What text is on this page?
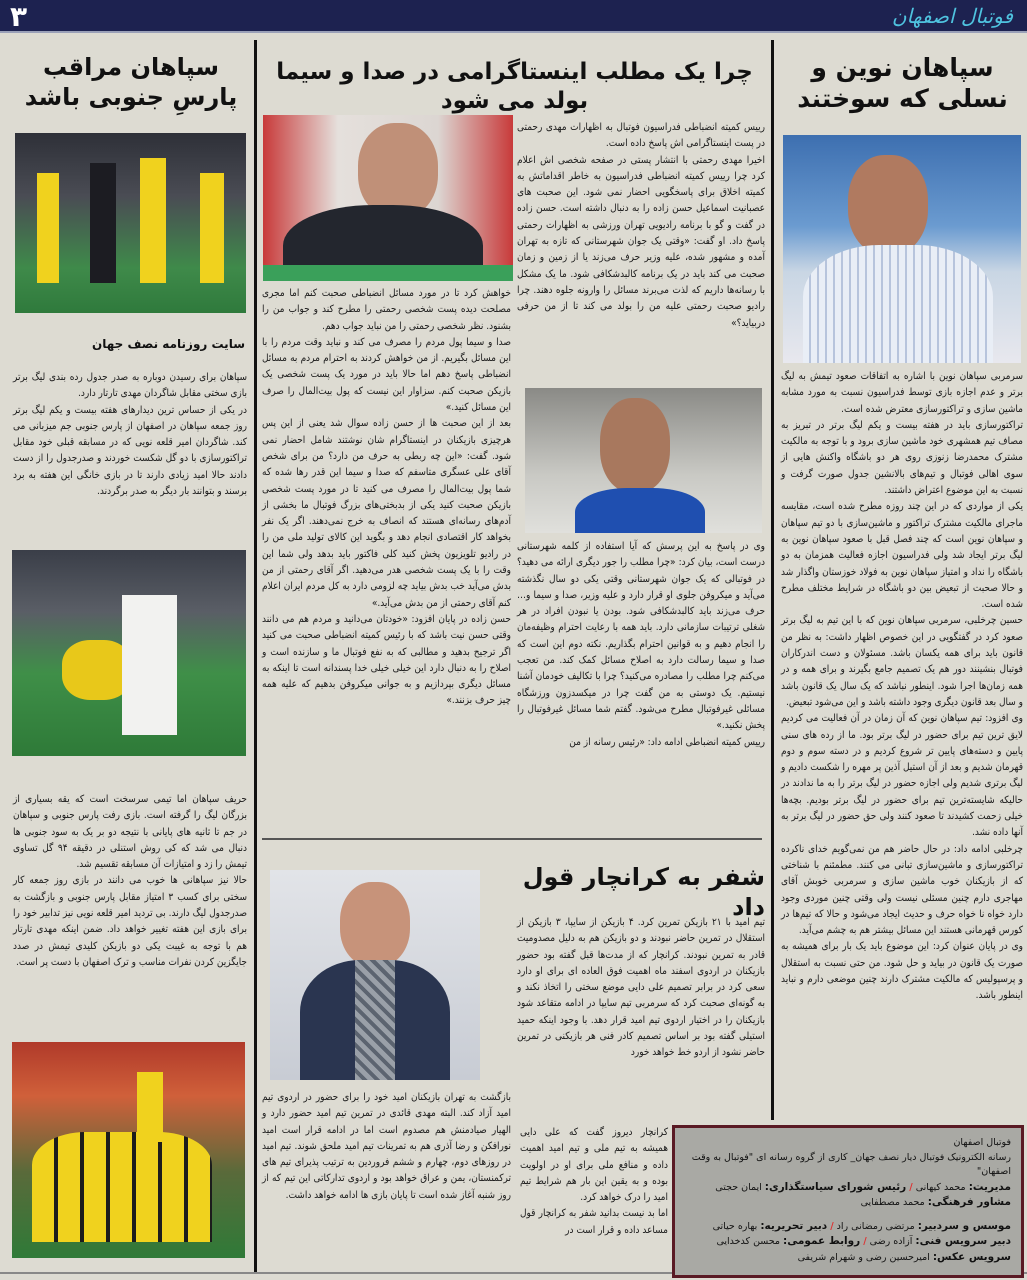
۳	فوتبال اصفهان
سپاهان نوین و نسلی که سوختند

سرمربی سپاهان نوین با اشاره به اتفاقات صعود تیمش به لیگ برتر و عدم اجازه بازی توسط فدراسیون نسبت به مورد مشابه ماشین سازی و تراکتورسازی معترض شده است.

تراکتورسازی باید در هفته بیست و یکم لیگ برتر در تبریز به مصاف تیم همشهری خود ماشین سازی برود و با توجه به مالکیت مشترک محمدرضا زنوزی روی هر دو باشگاه واکنش هایی از سوی اهالی فوتبال و تیم‌های بالانشین جدول صورت گرفت و نسبت به این موضوع اعتراض داشتند.

یکی از مواردی که در این چند روزه مطرح شده است، مقایسه ماجرای مالکیت مشترک تراکتور و ماشین‌سازی با دو تیم سپاهان و سپاهان نوین است که چند فصل قبل با صعود سپاهان نوین به لیگ برتر ایجاد شد ولی فدراسیون اجازه فعالیت همزمان به دو باشگاه را نداد و امتیاز سپاهان نوین به فولاد خوزستان واگذار شد و حالا صحبت از تبعیض بین دو باشگاه در شرایط مختلف مطرح شده است.

حسین چرخلبی، سرمربی سپاهان نوین که با این تیم به لیگ برتر صعود کرد در گفتگویی در این خصوص اظهار داشت: به نظر من قانون باید برای همه یکسان باشد. مسئولان و دست اندرکاران فوتبال بنشینند دور هم یک تصمیم جامع بگیرند و برای همه و در همه زمان‌ها اجرا شود. اینطور نباشد که یک سال یک قانون باشد و سال بعد قانون دیگری وجود داشته باشد و این می‌شود تبعیض.

وی افزود: تیم سپاهان نوین که آن زمان در آن فعالیت می کردیم لایق ترین تیم برای حضور در لیگ برتر بود. ما از رده های سنی پایین و دسته‌های پایین تر شروع کردیم و در دسته سوم و دوم قهرمان شدیم و بعد از آن استیل آذین پر مهره را شکست دادیم و لیگ برتری شدیم ولی اجازه حضور در لیگ برتر را به ما ندادند در حالیکه شایسته‌ترین تیم برای حضور در لیگ برتر بودیم. بچه‌ها خیلی زحمت کشیدند تا صعود کنند ولی حق حضور در لیگ برتر به آنها داده نشد.

چرخلبی ادامه داد: در حال حاضر هم من نمی‌گویم خدای ناکرده تراکتورسازی و ماشین‌سازی تبانی می کنند. مطمئنم با شناختی که از بازیکنان خوب ماشین سازی و سرمربی خوبش آقای مهاجری دارم چنین مسئلی نیست ولی وقتی چنین موردی وجود دارد خواه نا خواه حرف و حدیث ایجاد می‌شود و حالا که تیم‌ها در کورس قهرمانی هستند این مسائل بیشتر هم به چشم می‌آید.

وی در پایان عنوان کرد: این موضوع باید یک بار برای همیشه به صورت یک قانون در بیاید و حل شود. من حتی نسبت به استقلال و پرسپولیس که مالکیت مشترک دارند چنین موضعی دارم و نباید اینطور باشد.

چرا یک مطلب اینستاگرامی در صدا و سیما بولد می شود

رییس کمیته انضباطی فدراسیون فوتبال به اظهارات مهدی رحمتی در پست اینستاگرامی اش پاسخ داده است.

اخیرا مهدی رحمتی با انتشار پستی در صفحه شخصی اش اعلام کرد چرا رییس کمیته انضباطی فدراسیون به خاطر اقداماتش به کمیته اخلاق برای پاسخگویی احضار نمی شود. این صحبت های عصبانیت اسماعیل حسن زاده را به دنبال داشته است. حسن زاده در گفت و گو با برنامه رادیویی تهران ورزشی به اظهارات رحمتی پاسخ داد. او گفت: «وقتی یک جوان شهرستانی که تازه به تهران آمده و مشهور شده، علیه وزیر حرف می‌زند یا از زمین و زمان صحبت می کند باید در یک برنامه کالبدشکافی شود. ما یک مشکل با رسانه‌ها داریم که لذت می‌برند مسائل را وارونه جلوه دهند. چرا رادیو صحبت رحمتی علیه من را بولد می کند تا از من حرفی دربیاید؟»

وی در پاسخ به این پرسش که آیا استفاده از کلمه شهرستانی درست است، بیان کرد: «چرا مطلب را جور دیگری ارائه می دهید؟ در فوتبالی که یک جوان شهرستانی وقتی یکی دو سال نگذشته می‌آید و میکروفن جلوی او قرار دارد و علیه وزیر، صدا و سیما و… حرف می‌زند باید کالبدشکافی شود. بودن یا نبودن افراد در هر شغلی ترتیبات سازمانی دارد. باید همه با رعایت احترام وظیفه‌مان را انجام دهیم و به قوانین احترام بگذاریم. نکته دوم این است که صدا و سیما رسالت دارد به اصلاح مسائل کمک کند. من تعجب می‌کنم چرا مطلب را مصادره می‌کنید؟ چرا با تکالیف خودمان آشنا نیستیم. یک دوستی به من گفت چرا در میکسدزون ورزشگاه مسائلی غیرفوتبال مطرح می‌شود. گفتم شما مسائل غیرفوتبال را پخش نکنید.»

رییس کمیته انضباطی ادامه داد: «رئیس رسانه از من

خواهش کرد تا در مورد مسائل انضباطی صحبت کنم اما مجری مصلحت دیده پست شخصی رحمتی را مطرح کند و جواب من را بشنود. نظر شخصی رحمتی را من نباید جواب دهم.

صدا و سیما پول مردم را مصرف می کند و نباید وقت مردم را با این مسائل بگیریم. از من خواهش کردند به احترام مردم به مسائل انضباطی پاسخ دهم اما حالا باید در مورد یک پست شخصی یک بازیکن صحبت کنم. سزاوار این نیست که پول بیت‌المال را صرف این مسائل کنید.»

بعد از این صحبت ها از حسن زاده سوال شد یعنی از این پس هرچیزی بازیکنان در اینستاگرام شان نوشتند شامل احضار نمی شود. گفت: «این چه ربطی به حرف من دارد؟ من برای شخص آقای علی عسگری متاسفم که صدا و سیما این قدر رها شده که شما پول بیت‌المال را مصرف می کنید تا در مورد پست شخصی بازیکن صحبت کنید یکی از بدبختی‌های بزرگ فوتبال ما بخشی از آدم‌های رسانه‌ای هستند که انصاف به خرج نمی‌دهند. اگر یک نفر بخواهد کار اقتصادی انجام دهد و بگوید این کالای تولید ملی من را در رادیو تلویزیون پخش کنید کلی فاکتور باید بدهد ولی شما این وقت را با یک پست شخصی هدر می‌دهید. اگر آقای رحمتی از من بدش می‌آید خب بدش بیاید چه لزومی دارد به کل مردم ایران اعلام کنم آقای رحمتی از من بدش می‌آید.»

حسن زاده در پایان افزود: «خودتان می‌دانید و مردم هم می دانند وقتی حسن نیت باشد که با رئیس کمیته انضباطی صحبت می کنید اگر ترجیح بدهید و مطالبی که به نفع فوتبال ما و سازنده است و اصلاح را به دنبال دارد این خیلی خیلی خدا پسندانه است تا اینکه به مسائل دیگری بپردازیم و به جوانی میکروفن بدهیم که علیه همه چیز حرف بزنند.»

شفر به کرانچار قول داد

تیم امید با ۲۱ بازیکن تمرین کرد. ۴ بازیکن از سایپا، ۳ بازیکن از استقلال در تمرین حاضر نبودند و دو بازیکن هم به دلیل مصدومیت قادر به تمرین نبودند. کرانچار که از مدت‌ها قبل گفته بود حضور بازیکنان در اردوی اسفند ماه اهمیت فوق العاده ای برای او دارد سعی کرد در برابر تصمیم علی دایی موضع سختی را اتخاذ نکند و به گونه‌ای صحبت کرد که سرمربی تیم سایپا در ادامه متقاعد شود بازیکنان را در اختیار اردوی تیم امید قرار دهد. با وجود اینکه حمید استیلی گفته بود بر اساس تصمیم کادر فنی هر بازیکنی در تمرین حاضر نشود از اردو خط خواهد خورد

کرانچار دیروز گفت که علی دایی همیشه به تیم ملی و تیم امید اهمیت داده و منافع ملی برای او در اولویت بوده و به یقین این بار هم شرایط تیم امید را درک خواهد کرد.

اما بد نیست بدانید شفر به کرانچار قول مساعد داده و قرار است در

بازگشت به تهران بازیکنان امید خود را برای حضور در اردوی تیم امید آزاد کند. البته مهدی قائدی در تمرین تیم امید حضور دارد و الهیار صیادمنش هم مصدوم است اما در ادامه قرار است امید نورافکن و رضا آذری هم به تمرینات تیم امید ملحق شوند. تیم امید در روزهای دوم، چهارم و ششم فروردین به ترتیب پذیرای تیم های ترکمنستان، یمن و عراق خواهد بود و اردوی تدارکاتی این تیم که از روز شنبه آغاز شده است تا پایان بازی ها ادامه خواهد داشت.

فوتبال اصفهان
رسانه الکترونیک فوتبال دیار نصف جهان_ کاری از گروه رسانه ای "فوتبال به وقت اصفهان"
مدیریت: محمد کیهانی/رئیس شورای سیاستگذاری: ایمان حجتی
مشاور فرهنگی: محمد مصطفایی
موسس و سردبیر: مرتضی رمضانی راد/دبیر تحریریه: بهاره حیاتی
دبیر سرویس فنی: آزاده رضی/روابط عمومی: محسن کدخدایی
سرویس عکس: امیرحسین رضی و شهرام شریفی
سپاهان مراقب پارسِ جنوبی باشد
سایت روزنامه نصف جهان

سپاهان برای رسیدن دوباره به صدر جدول رده بندی لیگ برتر بازی سختی مقابل شاگردان مهدی تارتار دارد.

در یکی از حساس ترین دیدارهای هفته بیست و یکم لیگ برتر روز جمعه سپاهان در اصفهان از پارس جنوبی جم میزبانی می کند. شاگردان امیر قلعه نویی که در مسابقه قبلی خود مقابل تراکتورسازی با دو گل شکست خوردند و صدرجدول را از دست دادند حالا امید زیادی دارند تا در بازی خانگی این هفته به برد برسند و بتوانند بار دیگر به صدر برگردند.

حریف سپاهان اما تیمی سرسخت است که یقه بسیاری از بزرگان لیگ را گرفته است. بازی رفت پارس جنوبی و سپاهان در جم تا ثانیه های پایانی با نتیجه دو بر یک به سود جنوبی ها دنبال می شد که کی روش استنلی در دقیقه ۹۴ گل تساوی تیمش را زد و امتیازات آن مسابقه تقسیم شد.

حالا نیز سپاهانی ها خوب می دانند در بازی روز جمعه کار سختی برای کسب ۳ امتیاز مقابل پارس جنوبی و بازگشت به صدرجدول لیگ دارند. بی تردید امیر قلعه نویی نیز تدابیر خود را برای بازی این هفته تغییر خواهد داد. ضمن اینکه مهدی تارتار هم با توجه به غیبت یکی دو بازیکن کلیدی تیمش در صدد جایگزین کردن نفرات مناسب و ترک اصفهان با دست پر است.
